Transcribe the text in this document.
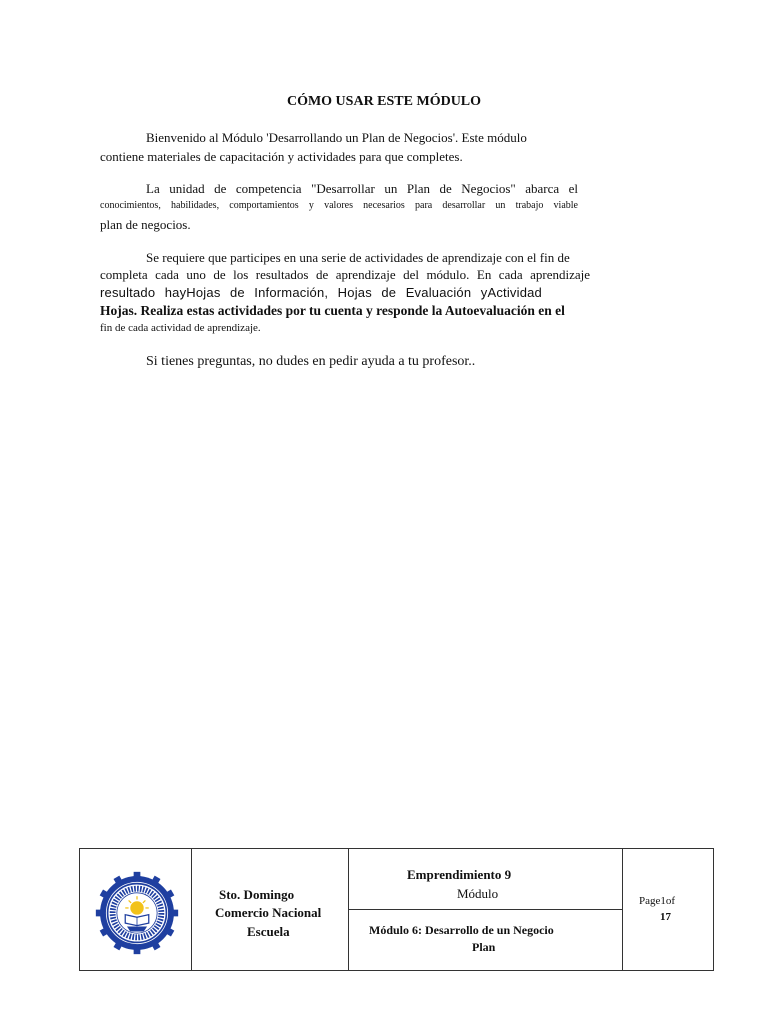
CÓMO USAR ESTE MÓDULO
Bienvenido al Módulo 'Desarrollando un Plan de Negocios'. Este módulo
contiene materiales de capacitación y actividades para que completes.
La unidad de competencia "Desarrollar un Plan de Negocios" abarca el
conocimientos, habilidades, comportamientos y valores necesarios para desarrollar un trabajo viable
plan de negocios.
Se requiere que participes en una serie de actividades de aprendizaje con el fin de
completa cada uno de los resultados de aprendizaje del módulo. En cada aprendizaje
resultado hayHojas de Información, Hojas de Evaluación yActividad
Hojas. Realiza estas actividades por tu cuenta y responde la Autoevaluación en el
fin de cada actividad de aprendizaje.
Si tienes preguntas, no dudes en pedir ayuda a tu profesor..
Sto. Domingo
Comercio Nacional
Escuela
Emprendimiento 9
Módulo
Módulo 6: Desarrollo de un Negocio
Plan
Page1of
17
